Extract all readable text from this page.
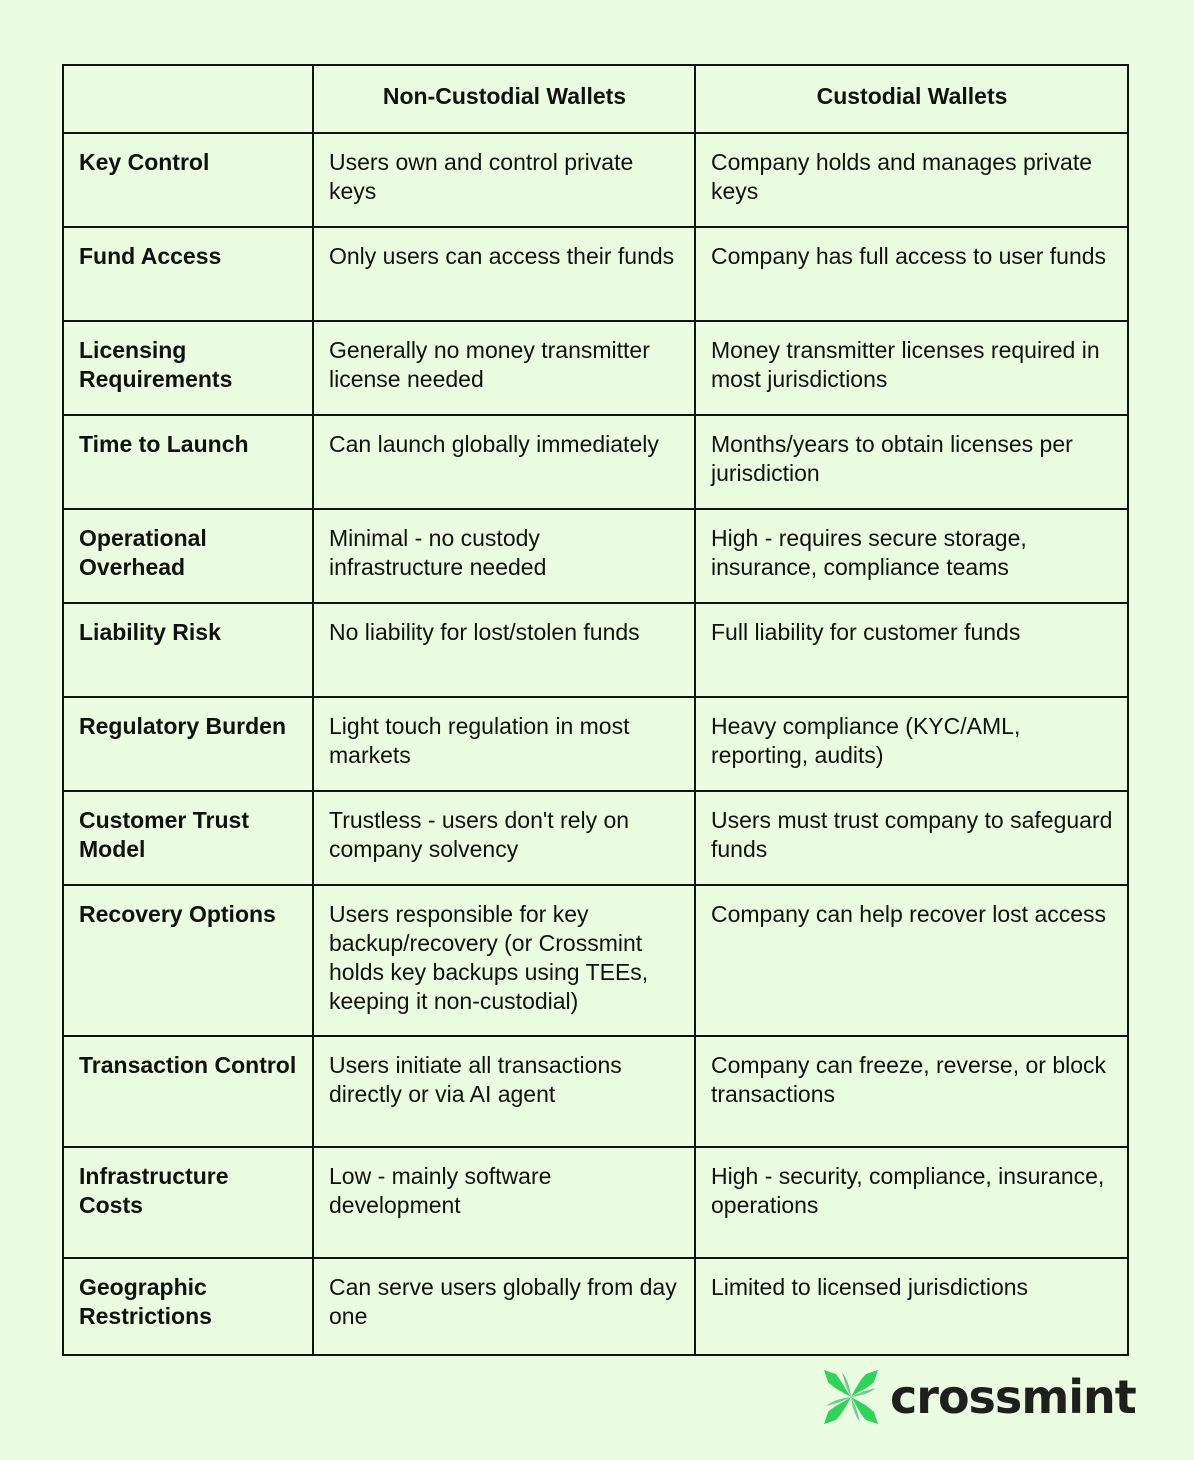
	Non-Custodial Wallets	Custodial Wallets
Key Control	Users own and control private keys	Company holds and manages private keys
Fund Access	Only users can access their funds	Company has full access to user funds
Licensing Requirements	Generally no money transmitter license needed	Money transmitter licenses required in most jurisdictions
Time to Launch	Can launch globally immediately	Months/years to obtain licenses per jurisdiction
Operational Overhead	Minimal - no custody infrastructure needed	High - requires secure storage, insurance, compliance teams
Liability Risk	No liability for lost/stolen funds	Full liability for customer funds
Regulatory Burden	Light touch regulation in most markets	Heavy compliance (KYC/AML, reporting, audits)
Customer Trust Model	Trustless - users don't rely on company solvency	Users must trust company to safeguard funds
Recovery Options	Users responsible for key backup/recovery (or Crossmint holds key backups using TEEs, keeping it non-custodial)	Company can help recover lost access
Transaction Control	Users initiate all transactions directly or via AI agent	Company can freeze, reverse, or block transactions
Infrastructure Costs	Low - mainly software development	High - security, compliance, insurance, operations
Geographic Restrictions	Can serve users globally from day one	Limited to licensed jurisdictions
crossmint
